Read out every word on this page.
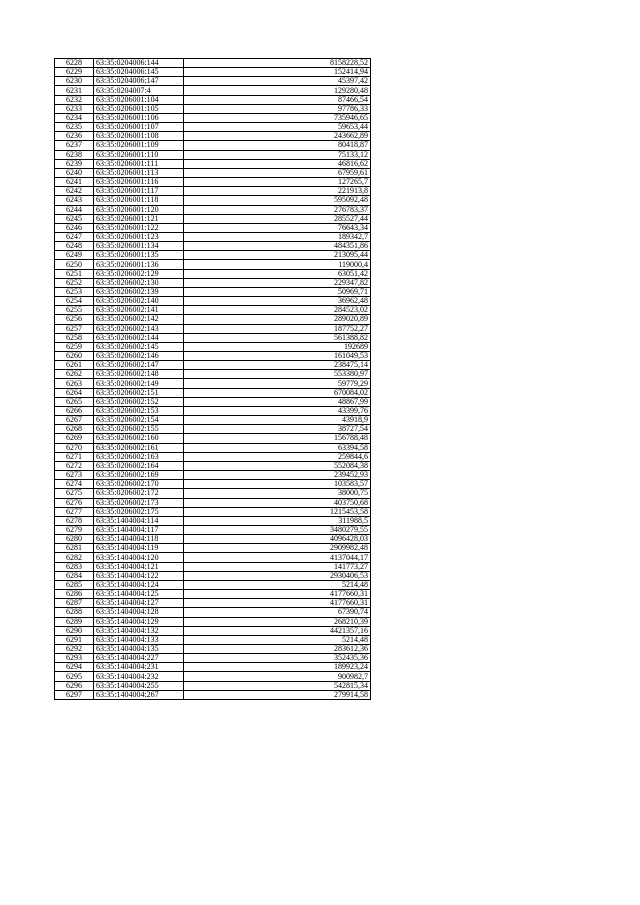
6228	63:35:0204006:144	8158228,52
6229	63:35:0204006:145	152414,94
6230	63:35:0204006:147	45397,42
6231	63:35:0204007:4	129280,48
6232	63:35:0206001:104	87466,54
6233	63:35:0206001:105	97786,33
6234	63:35:0206001:106	735946,65
6235	63:35:0206001:107	59653,44
6236	63:35:0206001:108	243662,89
6237	63:35:0206001:109	80418,87
6238	63:35:0206001:110	75133,12
6239	63:35:0206001:111	46816,62
6240	63:35:0206001:113	67959,61
6241	63:35:0206001:116	127265,7
6242	63:35:0206001:117	221913,8
6243	63:35:0206001:118	595092,48
6244	63:35:0206001:120	276783,37
6245	63:35:0206001:121	285527,44
6246	63:35:0206001:122	76643,34
6247	63:35:0206001:123	189342,7
6248	63:35:0206001:134	484351,86
6249	63:35:0206001:135	213095,44
6250	63:35:0206001:136	119000,4
6251	63:35:0206002:129	63051,42
6252	63:35:0206002:130	229347,82
6253	63:35:0206002:139	50969,71
6254	63:35:0206002:140	36962,48
6255	63:35:0206002:141	284523,02
6256	63:35:0206002:142	289020,89
6257	63:35:0206002:143	187752,27
6258	63:35:0206002:144	561388,82
6259	63:35:0206002:145	192689
6260	63:35:0206002:146	161049,53
6261	63:35:0206002:147	238475,14
6262	63:35:0206002:148	553380,97
6263	63:35:0206002:149	59779,29
6264	63:35:0206002:151	670084,02
6265	63:35:0206002:152	48867,99
6266	63:35:0206002:153	43399,76
6267	63:35:0206002:154	43918,9
6268	63:35:0206002:155	38727,54
6269	63:35:0206002:160	156788,48
6270	63:35:0206002:161	63394,58
6271	63:35:0206002:163	259844,6
6272	63:35:0206002:164	552084,38
6273	63:35:0206002:169	239452,93
6274	63:35:0206002:170	103583,57
6275	63:35:0206002:172	38000,75
6276	63:35:0206002:173	403750,68
6277	63:35:0206002:175	1215453,58
6278	63:35:1404004:114	311988,5
6279	63:35:1404004:117	3480279,55
6280	63:35:1404004:118	4096428,03
6281	63:35:1404004:119	2909982,48
6282	63:35:1404004:120	4137044,17
6283	63:35:1404004:121	141773,27
6284	63:35:1404004:122	2930406,53
6285	63:35:1404004:124	5214,48
6286	63:35:1404004:125	4177660,31
6287	63:35:1404004:127	4177660,31
6288	63:35:1404004:128	67390,74
6289	63:35:1404004:129	268210,39
6290	63:35:1404004:132	4421357,16
6291	63:35:1404004:133	5214,48
6292	63:35:1404004:135	283612,36
6293	63:35:1404004:227	352435,36
6294	63:35:1404004:231	189923,24
6295	63:35:1404004:232	900982,7
6296	63:35:1404004:255	542815,34
6297	63:35:1404004:267	279914,58
